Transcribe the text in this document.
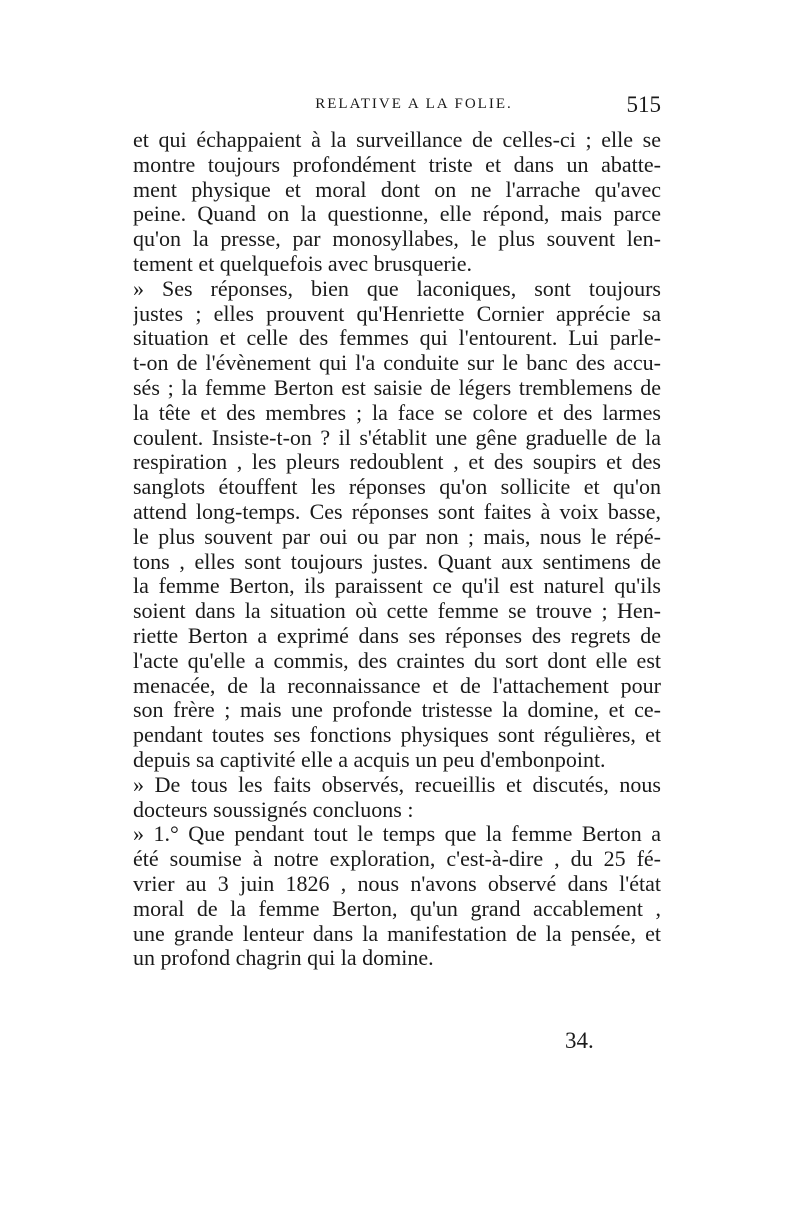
RELATIVE A LA FOLIE.	515
et qui échappaient à la surveillance de celles-ci ; elle se
montre toujours profondément triste et dans un abatte-
ment physique et moral dont on ne l'arrache qu'avec
peine. Quand on la questionne, elle répond, mais parce
qu'on la presse, par monosyllabes, le plus souvent len-
tement et quelquefois avec brusquerie.
» Ses réponses, bien que laconiques, sont toujours
justes ; elles prouvent qu'Henriette Cornier apprécie sa
situation et celle des femmes qui l'entourent. Lui parle-
t-on de l'évènement qui l'a conduite sur le banc des accu-
sés ; la femme Berton est saisie de légers tremblemens de
la tête et des membres ; la face se colore et des larmes
coulent. Insiste-t-on ? il s'établit une gêne graduelle de la
respiration , les pleurs redoublent , et des soupirs et des
sanglots étouffent les réponses qu'on sollicite et qu'on
attend long-temps. Ces réponses sont faites à voix basse,
le plus souvent par oui ou par non ; mais, nous le répé-
tons , elles sont toujours justes. Quant aux sentimens de
la femme Berton, ils paraissent ce qu'il est naturel qu'ils
soient dans la situation où cette femme se trouve ; Hen-
riette Berton a exprimé dans ses réponses des regrets de
l'acte qu'elle a commis, des craintes du sort dont elle est
menacée, de la reconnaissance et de l'attachement pour
son frère ; mais une profonde tristesse la domine, et ce-
pendant toutes ses fonctions physiques sont régulières, et
depuis sa captivité elle a acquis un peu d'embonpoint.
» De tous les faits observés, recueillis et discutés, nous
docteurs soussignés concluons :
» 1.° Que pendant tout le temps que la femme Berton a
été soumise à notre exploration, c'est-à-dire , du 25 fé-
vrier au 3 juin 1826 , nous n'avons observé dans l'état
moral de la femme Berton, qu'un grand accablement ,
une grande lenteur dans la manifestation de la pensée, et
un profond chagrin qui la domine.
34.
